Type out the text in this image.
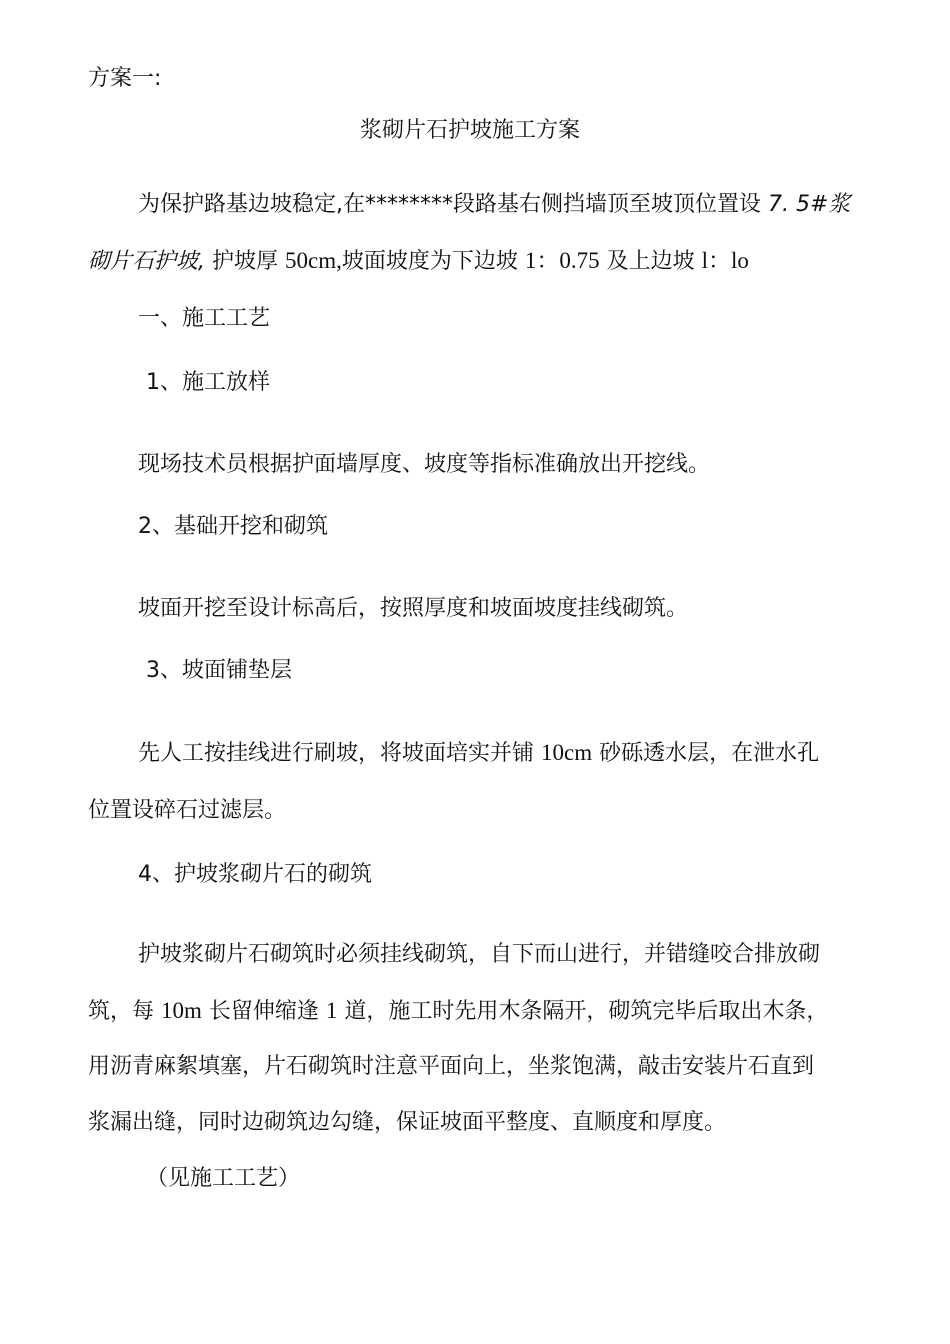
方案一:
浆砌片石护坡施工方案
为保护路基边坡稳定,在********段路基右侧挡墙顶至坡顶位置设 7. 5#浆
砌片石护坡, 护坡厚 50cm,坡面坡度为下边坡 1：0.75 及上边坡 l：lo
一、施工工艺
1、施工放样
现场技术员根据护面墙厚度、坡度等指标准确放出开挖线。
2、基础开挖和砌筑
坡面开挖至设计标高后，按照厚度和坡面坡度挂线砌筑。
3、坡面铺垫层
先人工按挂线进行刷坡，将坡面培实并铺 10cm 砂砾透水层，在泄水孔
位置设碎石过滤层。
4、护坡浆砌片石的砌筑
护坡浆砌片石砌筑时必须挂线砌筑，自下而山进行，并错缝咬合排放砌
筑，每 10m 长留伸缩逢 1 道，施工时先用木条隔开，砌筑完毕后取出木条，
用沥青麻絮填塞，片石砌筑时注意平面向上，坐浆饱满，敲击安装片石直到
浆漏出缝，同时边砌筑边勾缝，保证坡面平整度、直顺度和厚度。
（见施工工艺）
